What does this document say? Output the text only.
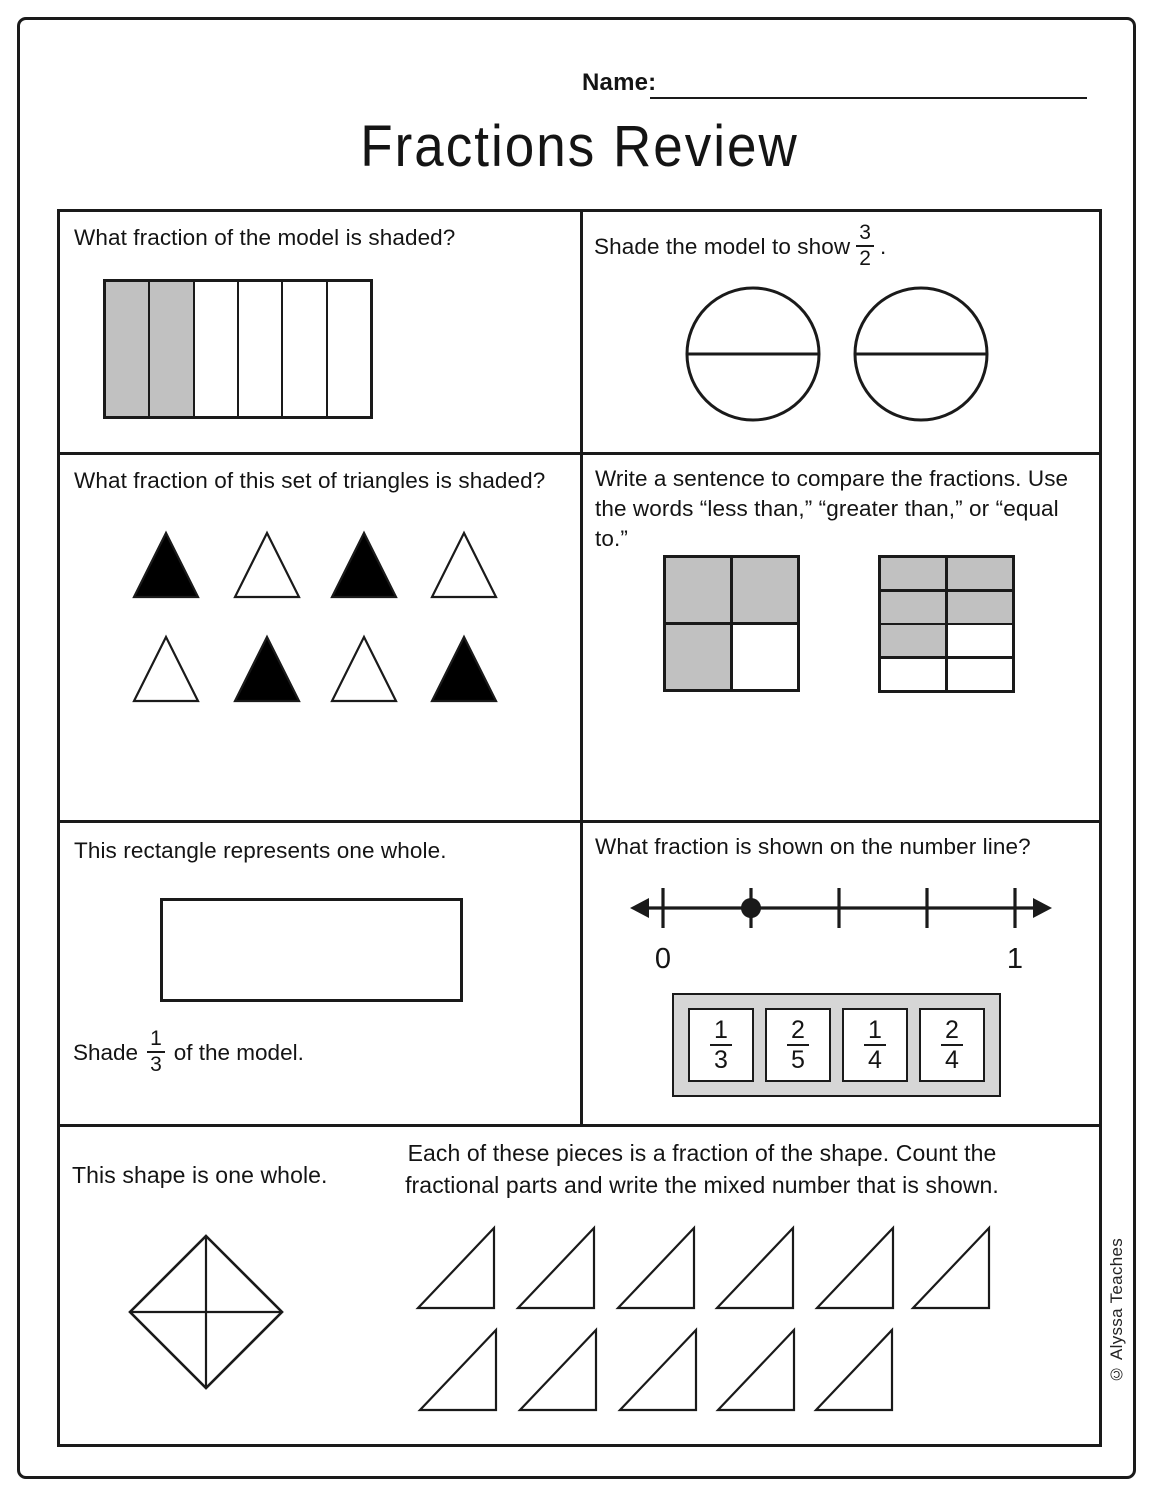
Name:
Fractions Review
What fraction of the model is shaded?	Shade the model to show $\frac{3}{2}$ .
What fraction of this set of triangles is shaded?	Write a sentence to compare the fractions. Use the words “less than,” “greater than,” or “equal to.”
This rectangle represents one whole.
Shade $\frac{1}{3}$ of the model.
What fraction is shown on the number line?
0	1
$\frac{1}{3} \frac{2}{5} \frac{1}{4} \frac{2}{4}$
This shape is one whole.
Each of these pieces is a fraction of the shape. Count the
fractional parts and write the mixed number that is shown.
© Alyssa Teaches
